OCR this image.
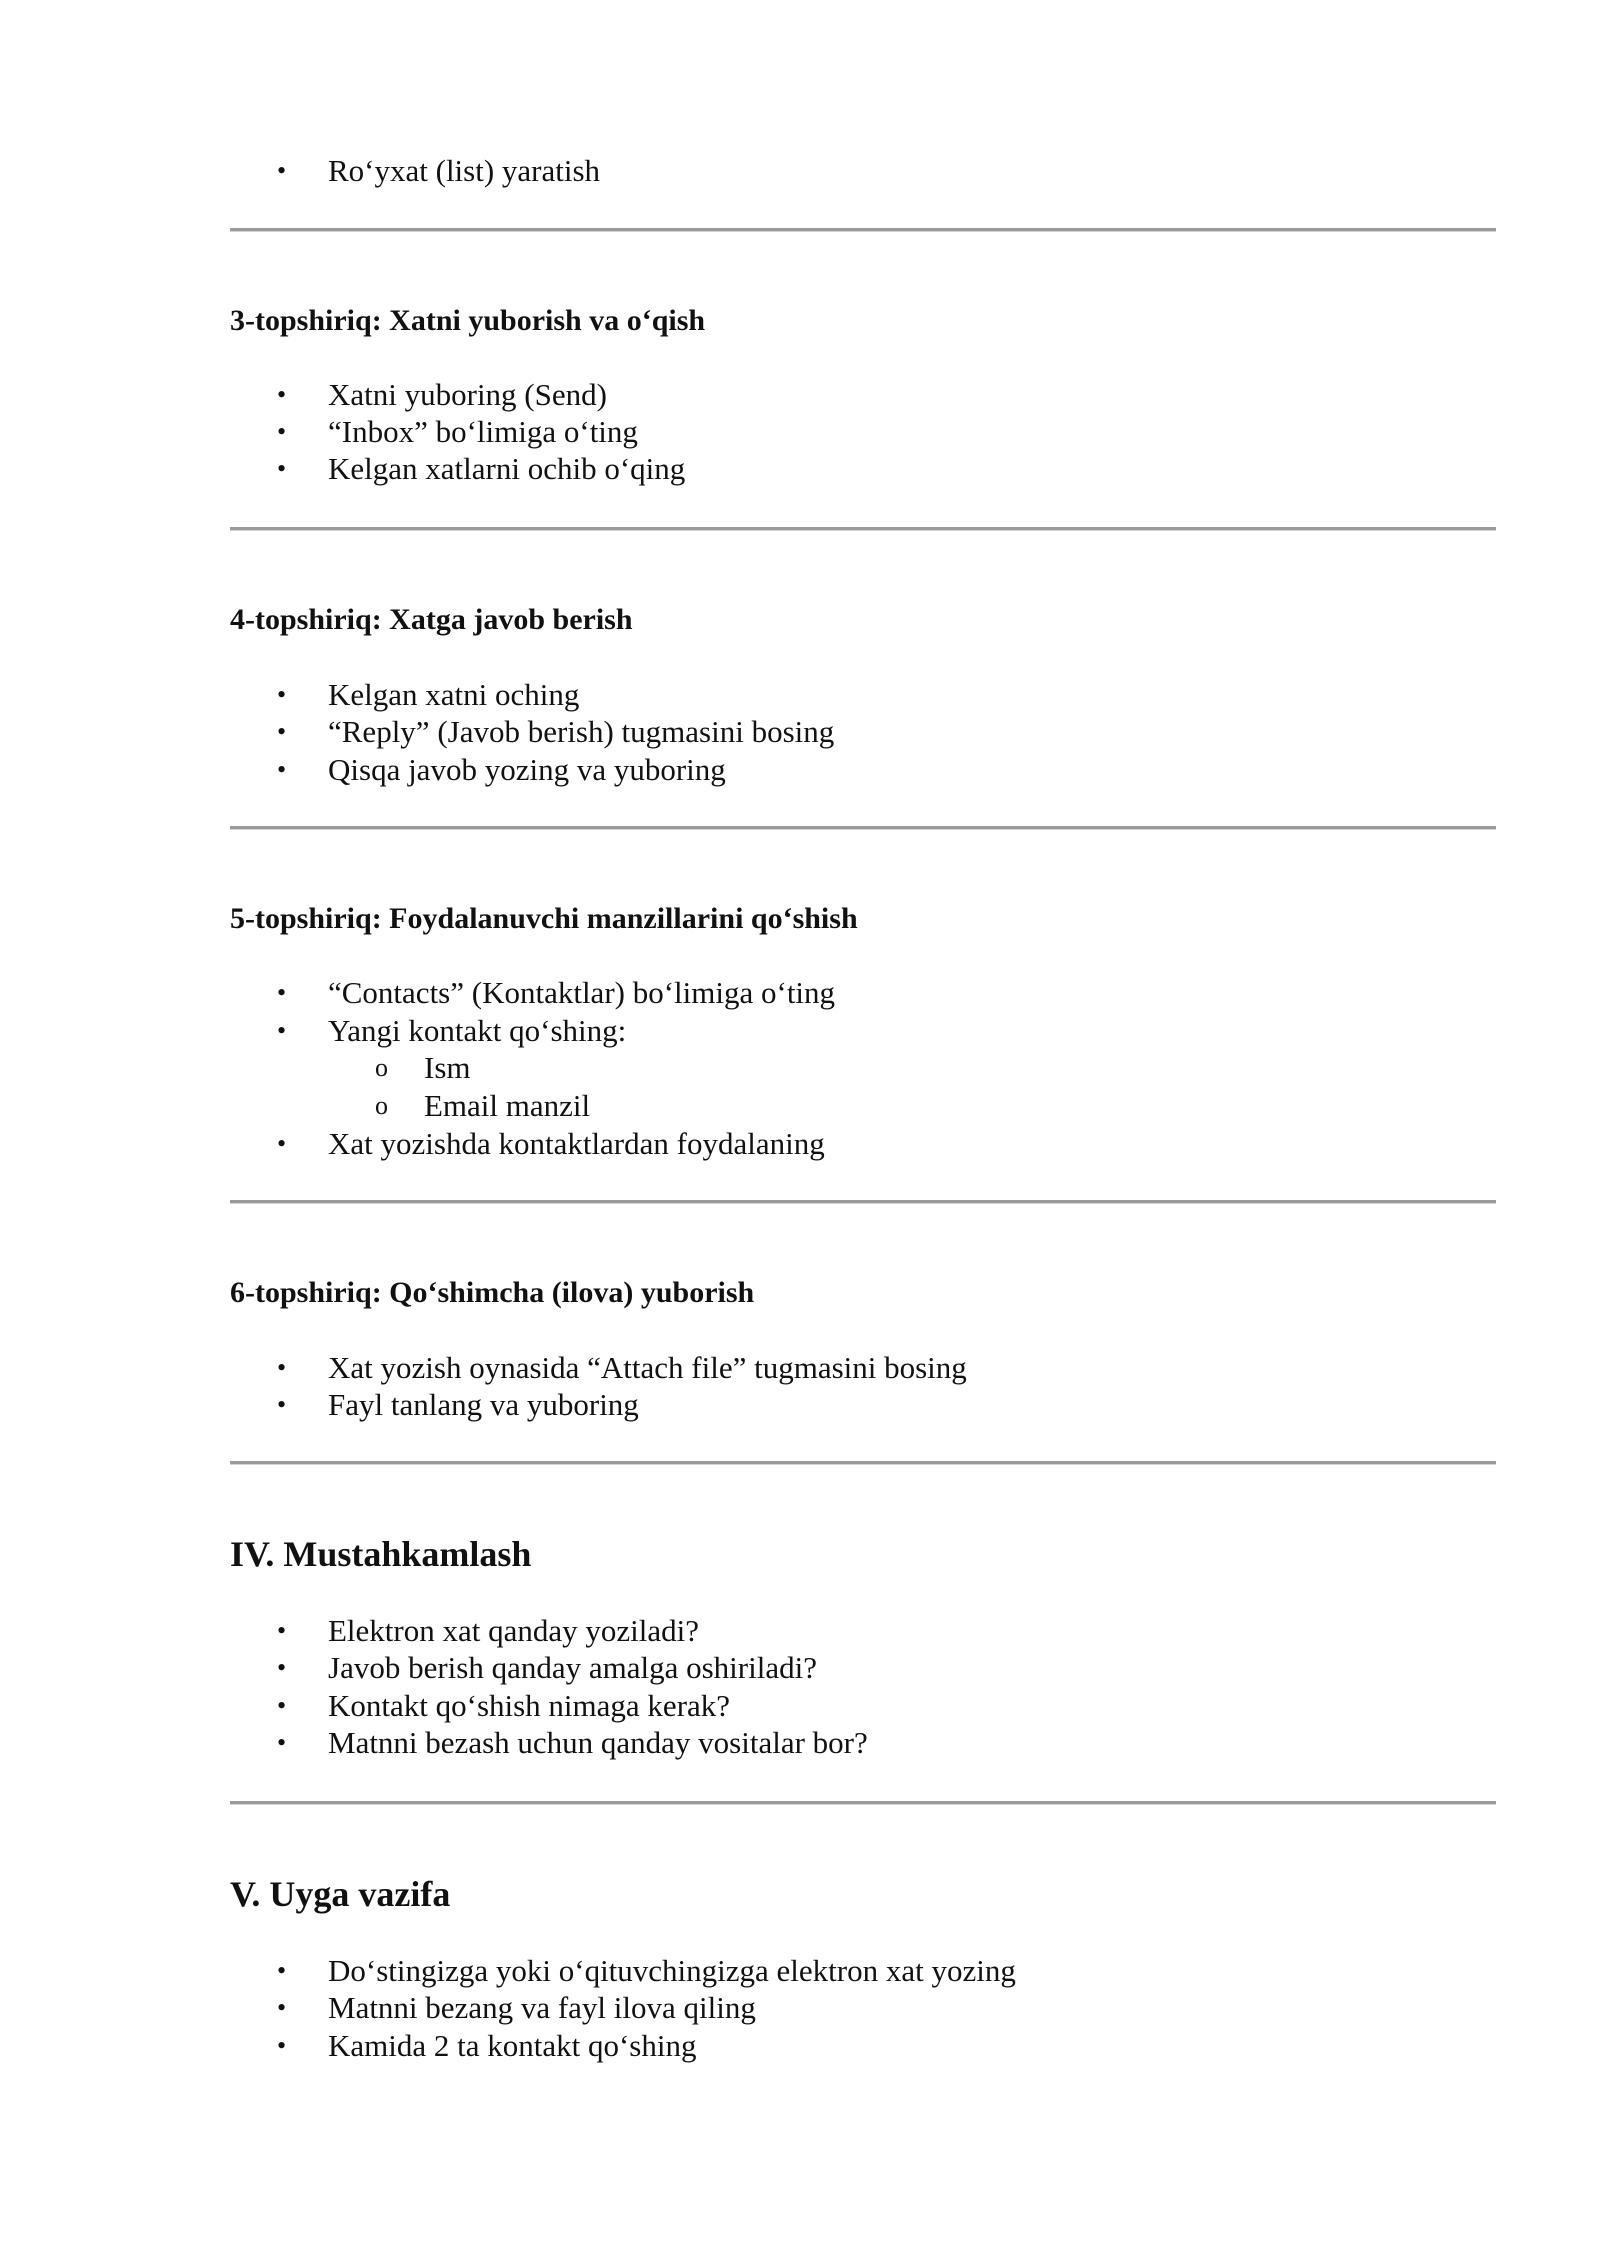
•	Ro‘yxat (list) yaratish
3-topshiriq: Xatni yuborish va o‘qish
•	Xatni yuboring (Send)
•	“Inbox” bo‘limiga o‘ting
•	Kelgan xatlarni ochib o‘qing
4-topshiriq: Xatga javob berish
•	Kelgan xatni oching
•	“Reply” (Javob berish) tugmasini bosing
•	Qisqa javob yozing va yuboring
5-topshiriq: Foydalanuvchi manzillarini qo‘shish
•	“Contacts” (Kontaktlar) bo‘limiga o‘ting
•	Yangi kontakt qo‘shing:
o Ism
o Email manzil
•	Xat yozishda kontaktlardan foydalaning
6-topshiriq: Qo‘shimcha (ilova) yuborish
•	Xat yozish oynasida “Attach file” tugmasini bosing
•	Fayl tanlang va yuboring
IV. Mustahkamlash
•	Elektron xat qanday yoziladi?
•	Javob berish qanday amalga oshiriladi?
•	Kontakt qo‘shish nimaga kerak?
•	Matnni bezash uchun qanday vositalar bor?
V. Uyga vazifa
•	Do‘stingizga yoki o‘qituvchingizga elektron xat yozing
•	Matnni bezang va fayl ilova qiling
•	Kamida 2 ta kontakt qo‘shing
